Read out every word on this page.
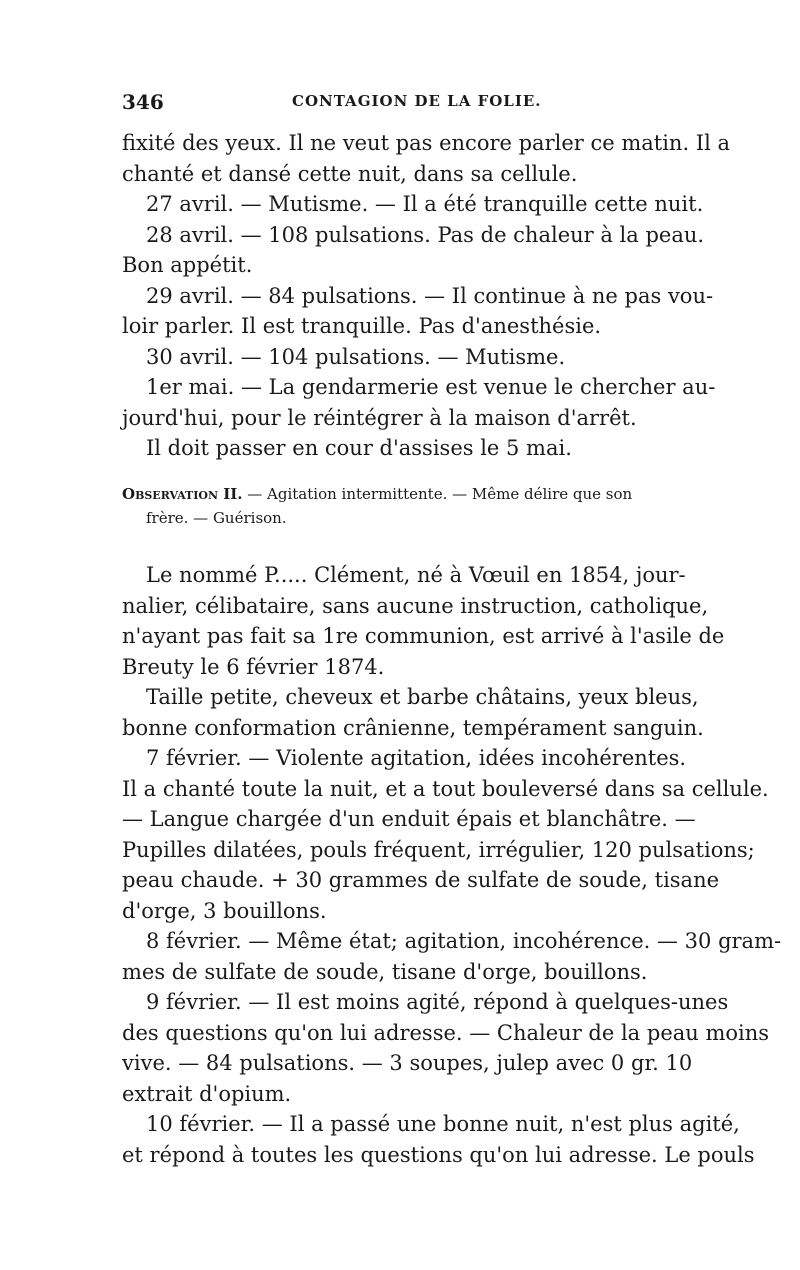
346	CONTAGION DE LA FOLIE.
fixité des yeux. Il ne veut pas encore parler ce matin. Il a
chanté et dansé cette nuit, dans sa cellule.
27 avril. — Mutisme. — Il a été tranquille cette nuit.
28 avril. — 108 pulsations. Pas de chaleur à la peau.
Bon appétit.
29 avril. — 84 pulsations. — Il continue à ne pas vou-
loir parler. Il est tranquille. Pas d'anesthésie.
30 avril. — 104 pulsations. — Mutisme.
1er mai. — La gendarmerie est venue le chercher au-
jourd'hui, pour le réintégrer à la maison d'arrêt.
Il doit passer en cour d'assises le 5 mai.
Observation II. — Agitation intermittente. — Même délire que son
frère. — Guérison.
Le nommé P..... Clément, né à Vœuil en 1854, jour-
nalier, célibataire, sans aucune instruction, catholique,
n'ayant pas fait sa 1re communion, est arrivé à l'asile de
Breuty le 6 février 1874.
Taille petite, cheveux et barbe châtains, yeux bleus,
bonne conformation crânienne, tempérament sanguin.
7 février. — Violente agitation, idées incohérentes.
Il a chanté toute la nuit, et a tout bouleversé dans sa cellule.
— Langue chargée d'un enduit épais et blanchâtre. —
Pupilles dilatées, pouls fréquent, irrégulier, 120 pulsations;
peau chaude. + 30 grammes de sulfate de soude, tisane
d'orge, 3 bouillons.
8 février. — Même état; agitation, incohérence. — 30 gram-
mes de sulfate de soude, tisane d'orge, bouillons.
9 février. — Il est moins agité, répond à quelques-unes
des questions qu'on lui adresse. — Chaleur de la peau moins
vive. — 84 pulsations. — 3 soupes, julep avec 0 gr. 10
extrait d'opium.
10 février. — Il a passé une bonne nuit, n'est plus agité,
et répond à toutes les questions qu'on lui adresse. Le pouls
